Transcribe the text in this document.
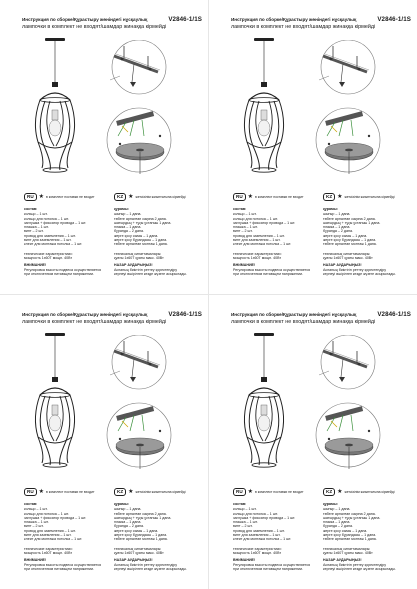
Инструкция по сборке/Құрастыру жөніндегі нұсқаулық	V2846-1/1S
лампочки в комплект не входят/шамдар жинаққа кірмейді
RU ★ в комплект поставки не входит	KZ ★ жеткізілім жиынтығына кірмейді
состав:
кольцо – 1 шт.
кольцо для потолка – 1 шт.
заглушка + фиксатор провода – 1 шт.
плашка – 1 шт.
винт – 2 шт.
провод для заземления – 1 шт.
винт для заземления – 1 шт.
клеит для монтажа потолка – 1 шт.
технические характеристики:
мощность 1х60Т мощн. 40Вт
ВНИМАНИЕ!
Регулировка высоты подвеса осуществляется
при отключенном питающем напряжении.
құрамы:
шығыр – 1 дана.
төбеге арналған сақина 2 дана.
шатырдың + тұқы ұстағыш 1 дана.
плакка – 1 дана.
бұранда – 2 дана.
жерге қосу сымы – 1 дана.
жерге қосу бұрандасы – 1 дана.
төбеге арналған монтаж 1 дана.
техникалық сипаттамалары:
қуаты 1х60Т қуаты макс. 40Вт
НАЗАР АУДАРЫҢЫЗ!
Аспаның биіктігін реттеу қоректендіру
кернеуі өшірілген кезде жүзеге асырылады.
Инструкция по сборке/Құрастыру жөніндегі нұсқаулық	V2846-1/1S
лампочки в комплект не входят/шамдар жинаққа кірмейді
RU ★ в комплект поставки не входит	KZ ★ жеткізілім жиынтығына кірмейді
состав:
кольцо – 1 шт.
кольцо для потолка – 1 шт.
заглушка + фиксатор провода – 1 шт.
плашка – 1 шт.
винт – 2 шт.
провод для заземления – 1 шт.
винт для заземления – 1 шт.
клеит для монтажа потолка – 1 шт.
технические характеристики:
мощность 1х60Т мощн. 40Вт
ВНИМАНИЕ!
Регулировка высоты подвеса осуществляется
при отключенном питающем напряжении.
құрамы:
шығыр – 1 дана.
төбеге арналған сақина 2 дана.
шатырдың + тұқы ұстағыш 1 дана.
плакка – 1 дана.
бұранда – 2 дана.
жерге қосу сымы – 1 дана.
жерге қосу бұрандасы – 1 дана.
төбеге арналған монтаж 1 дана.
техникалық сипаттамалары:
қуаты 1х60Т қуаты макс. 40Вт
НАЗАР АУДАРЫҢЫЗ!
Аспаның биіктігін реттеу қоректендіру
кернеуі өшірілген кезде жүзеге асырылады.
Инструкция по сборке/Құрастыру жөніндегі нұсқаулық	V2846-1/1S
лампочки в комплект не входят/шамдар жинаққа кірмейді
RU ★ в комплект поставки не входит	KZ ★ жеткізілім жиынтығына кірмейді
состав:
кольцо – 1 шт.
кольцо для потолка – 1 шт.
заглушка + фиксатор провода – 1 шт.
плашка – 1 шт.
винт – 2 шт.
провод для заземления – 1 шт.
винт для заземления – 1 шт.
клеит для монтажа потолка – 1 шт.
технические характеристики:
мощность 1х60Т мощн. 40Вт
ВНИМАНИЕ!
Регулировка высоты подвеса осуществляется
при отключенном питающем напряжении.
құрамы:
шығыр – 1 дана.
төбеге арналған сақина 2 дана.
шатырдың + тұқы ұстағыш 1 дана.
плакка – 1 дана.
бұранда – 2 дана.
жерге қосу сымы – 1 дана.
жерге қосу бұрандасы – 1 дана.
төбеге арналған монтаж 1 дана.
техникалық сипаттамалары:
қуаты 1х60Т қуаты макс. 40Вт
НАЗАР АУДАРЫҢЫЗ!
Аспаның биіктігін реттеу қоректендіру
кернеуі өшірілген кезде жүзеге асырылады.
Инструкция по сборке/Құрастыру жөніндегі нұсқаулық	V2846-1/1S
лампочки в комплект не входят/шамдар жинаққа кірмейді
RU ★ в комплект поставки не входит	KZ ★ жеткізілім жиынтығына кірмейді
состав:
кольцо – 1 шт.
кольцо для потолка – 1 шт.
заглушка + фиксатор провода – 1 шт.
плашка – 1 шт.
винт – 2 шт.
провод для заземления – 1 шт.
винт для заземления – 1 шт.
клеит для монтажа потолка – 1 шт.
технические характеристики:
мощность 1х60Т мощн. 40Вт
ВНИМАНИЕ!
Регулировка высоты подвеса осуществляется
при отключенном питающем напряжении.
құрамы:
шығыр – 1 дана.
төбеге арналған сақина 2 дана.
шатырдың + тұқы ұстағыш 1 дана.
плакка – 1 дана.
бұранда – 2 дана.
жерге қосу сымы – 1 дана.
жерге қосу бұрандасы – 1 дана.
төбеге арналған монтаж 1 дана.
техникалық сипаттамалары:
қуаты 1х60Т қуаты макс. 40Вт
НАЗАР АУДАРЫҢЫЗ!
Аспаның биіктігін реттеу қоректендіру
кернеуі өшірілген кезде жүзеге асырылады.
